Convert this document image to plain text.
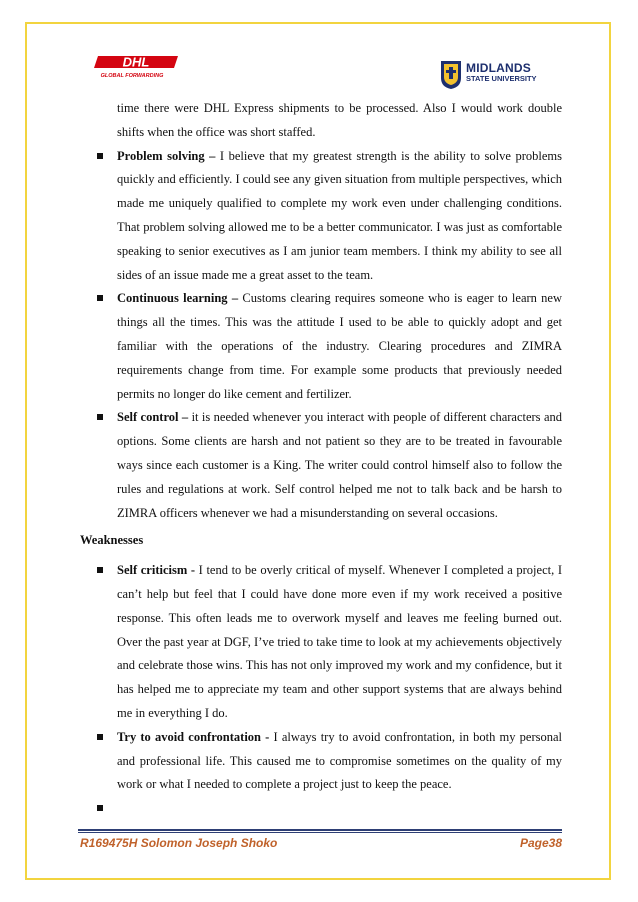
DHL
GLOBAL FORWARDING
MIDLANDS
STATE UNIVERSITY

time there were DHL Express shipments to be processed. Also I would work double shifts when the office was short staffed.

Problem solving – I believe that my greatest strength is the ability to solve problems quickly and efficiently. I could see any given situation from multiple perspectives, which made me uniquely qualified to complete my work even under challenging conditions. That problem solving allowed me to be a better communicator. I was just as comfortable speaking to senior executives as I am junior team members. I think my ability to see all sides of an issue made me a great asset to the team.

Continuous learning – Customs clearing requires someone who is eager to learn new things all the times. This was the attitude I used to be able to quickly adopt and get familiar with the operations of the industry. Clearing procedures and ZIMRA requirements change from time. For example some products that previously needed permits no longer do like cement and fertilizer.

Self control – it is needed whenever you interact with people of different characters and options. Some clients are harsh and not patient so they are to be treated in favourable ways since each customer is a King. The writer could control himself also to follow the rules and regulations at work. Self control helped me not to talk back and be harsh to ZIMRA officers whenever we had a misunderstanding on several occasions.

Weaknesses

Self criticism - I tend to be overly critical of myself. Whenever I completed a project, I can’t help but feel that I could have done more even if my work received a positive response. This often leads me to overwork myself and leaves me feeling burned out. Over the past year at DGF, I’ve tried to take time to look at my achievements objectively and celebrate those wins. This has not only improved my work and my confidence, but it has helped me to appreciate my team and other support systems that are always behind me in everything I do.

Try to avoid confrontation - I always try to avoid confrontation, in both my personal and professional life. This caused me to compromise sometimes on the quality of my work or what I needed to complete a project just to keep the peace.

R169475H Solomon Joseph Shoko	Page38
